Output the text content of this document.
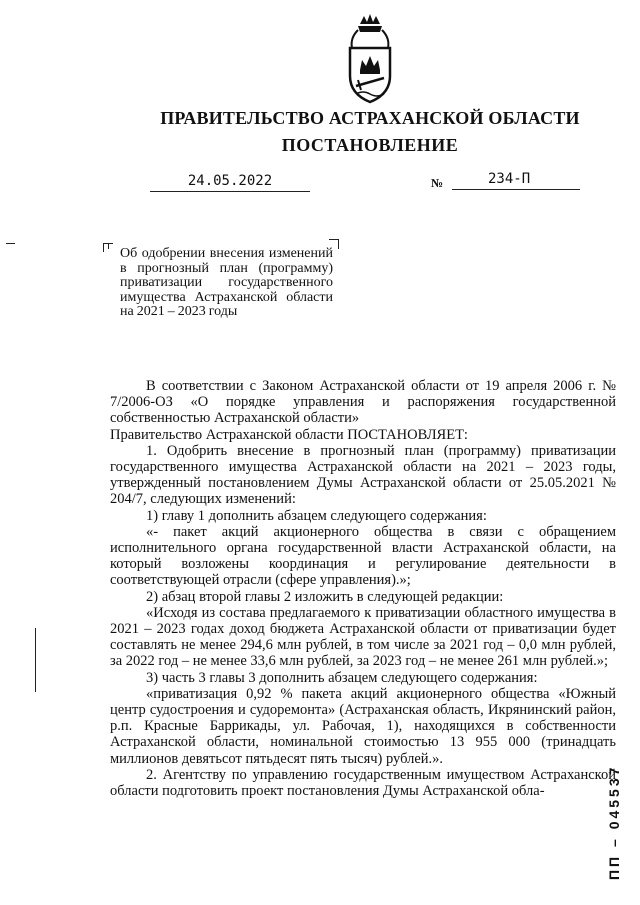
ПРАВИТЕЛЬСТВО АСТРАХАНСКОЙ ОБЛАСТИ
ПОСТАНОВЛЕНИЕ
24.05.2022	№	234-П
Об одобрении внесения изменений в прогнозный план (программу) приватизации государственного имущества Астраханской области на 2021 – 2023 годы

В соответствии с Законом Астраханской области от 19 апреля 2006 г. № 7/2006-ОЗ «О порядке управления и распоряжения государственной собственностью Астраханской области»

Правительство Астраханской области ПОСТАНОВЛЯЕТ:

1. Одобрить внесение в прогнозный план (программу) приватизации государственного имущества Астраханской области на 2021 – 2023 годы, утвержденный постановлением Думы Астраханской области от 25.05.2021 № 204/7, следующих изменений:

1) главу 1 дополнить абзацем следующего содержания:

«- пакет акций акционерного общества в связи с обращением исполнительного органа государственной власти Астраханской области, на который возложены координация и регулирование деятельности в соответствующей отрасли (сфере управления).»;

2) абзац второй главы 2 изложить в следующей редакции:

«Исходя из состава предлагаемого к приватизации областного имущества в 2021 – 2023 годах доход бюджета Астраханской области от приватизации будет составлять не менее 294,6 млн рублей, в том числе за 2021 год – 0,0 млн рублей, за 2022 год – не менее 33,6 млн рублей, за 2023 год – не менее 261 млн рублей.»;

3) часть 3 главы 3 дополнить абзацем следующего содержания:

«приватизация 0,92 % пакета акций акционерного общества «Южный центр судостроения и судоремонта» (Астраханская область, Икрянинский район, р.п. Красные Баррикады, ул. Рабочая, 1), находящихся в собственности Астраханской области, номинальной стоимостью 13 955 000 (тринадцать миллионов девятьсот пятьдесят пять тысяч) рублей.».

2. Агентству по управлению государственным имуществом Астраханской области подготовить проект постановления Думы Астраханской обла-	ПП – 045537
